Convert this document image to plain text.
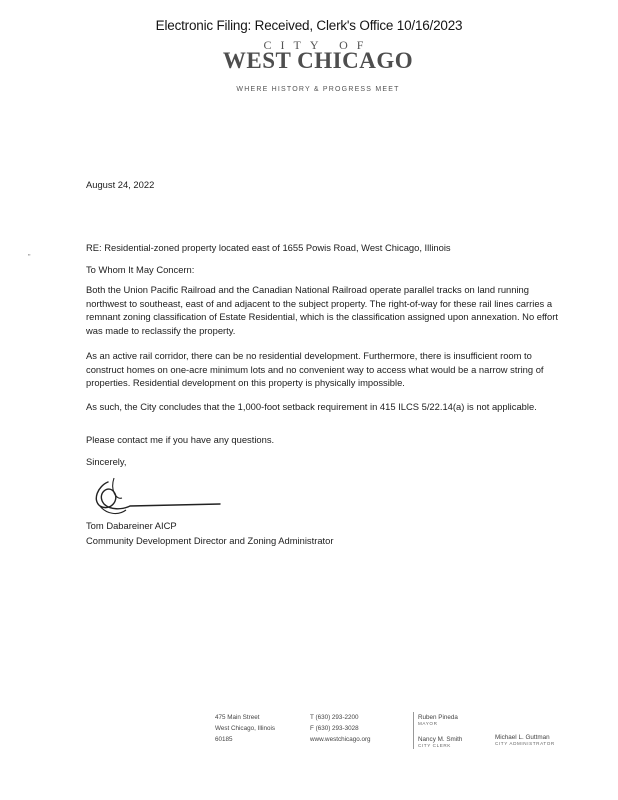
Electronic Filing: Received, Clerk's Office 10/16/2023
CITY OF
WEST CHICAGO
WHERE HISTORY & PROGRESS MEET
August 24, 2022
"
RE: Residential-zoned property located east of 1655 Powis Road, West Chicago, Illinois
To Whom It May Concern:
Both the Union Pacific Railroad and the Canadian National Railroad operate parallel tracks on land running northwest to southeast, east of and adjacent to the subject property. The right-of-way for these rail lines carries a remnant zoning classification of Estate Residential, which is the classification assigned upon annexation. No effort was made to reclassify the property.
As an active rail corridor, there can be no residential development. Furthermore, there is insufficient room to construct homes on one-acre minimum lots and no convenient way to access what would be a narrow string of properties. Residential development on this property is physically impossible.
As such, the City concludes that the 1,000-foot setback requirement in 415 ILCS 5/22.14(a) is not applicable.
Please contact me if you have any questions.
Sincerely,
Tom Dabareiner AICP
Community Development Director and Zoning Administrator
475 Main Street
West Chicago, Illinois
60185
T (630) 293-2200
F (630) 293-3028
www.westchicago.org
Ruben Pineda
MAYOR
Nancy M. Smith
CITY CLERK
Michael L. Guttman
CITY ADMINISTRATOR
